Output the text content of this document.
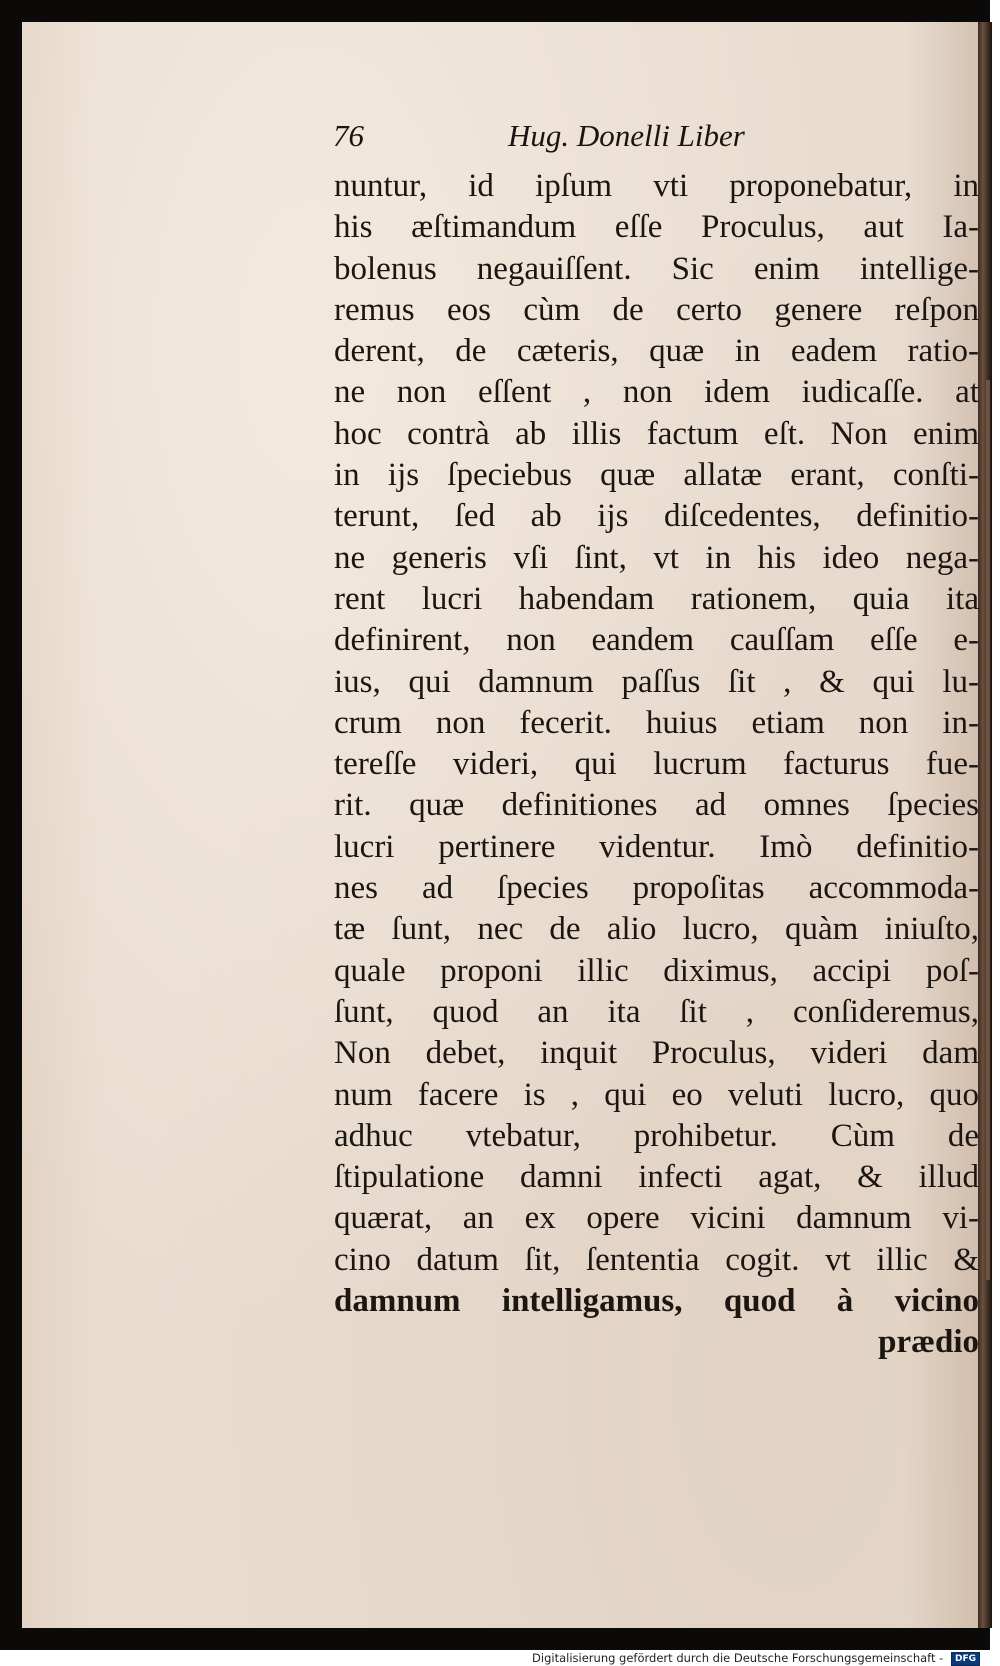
76	Hug. Donelli Liber
nuntur, id ipſum vti proponebatur, in
his æſtimandum eſſe Proculus, aut Ia-
bolenus negauiſſent. Sic enim intellige-
remus eos cùm de certo genere reſpon
derent, de cæteris, quæ in eadem ratio-
ne non eſſent , non idem iudicaſſe. at
hoc contrà ab illis factum eſt. Non enim
in ijs ſpeciebus quæ allatæ erant, conſti-
terunt, ſed ab ijs diſcedentes, definitio-
ne generis vſi ſint, vt in his ideo nega-
rent lucri habendam rationem, quia ita
definirent, non eandem cauſſam eſſe e-
ius, qui damnum paſſus ſit , & qui lu-
crum non fecerit. huius etiam non in-
tereſſe videri, qui lucrum facturus fue-
rit. quæ definitiones ad omnes ſpecies
lucri pertinere videntur. Imò definitio-
nes ad ſpecies propoſitas accommoda-
tæ ſunt, nec de alio lucro, quàm iniuſto,
quale proponi illic diximus, accipi poſ-
ſunt, quod an ita ſit , conſideremus,
Non debet, inquit Proculus, videri dam
num facere is , qui eo veluti lucro, quo
adhuc vtebatur, prohibetur. Cùm de
ſtipulatione damni infecti agat, & illud
quærat, an ex opere vicini damnum vi-
cino datum ſit, ſententia cogit. vt illic &
damnum intelligamus, quod à vicino
prædio
Digitalisierung gefördert durch die Deutsche Forschungsgemeinschaft - DFG
